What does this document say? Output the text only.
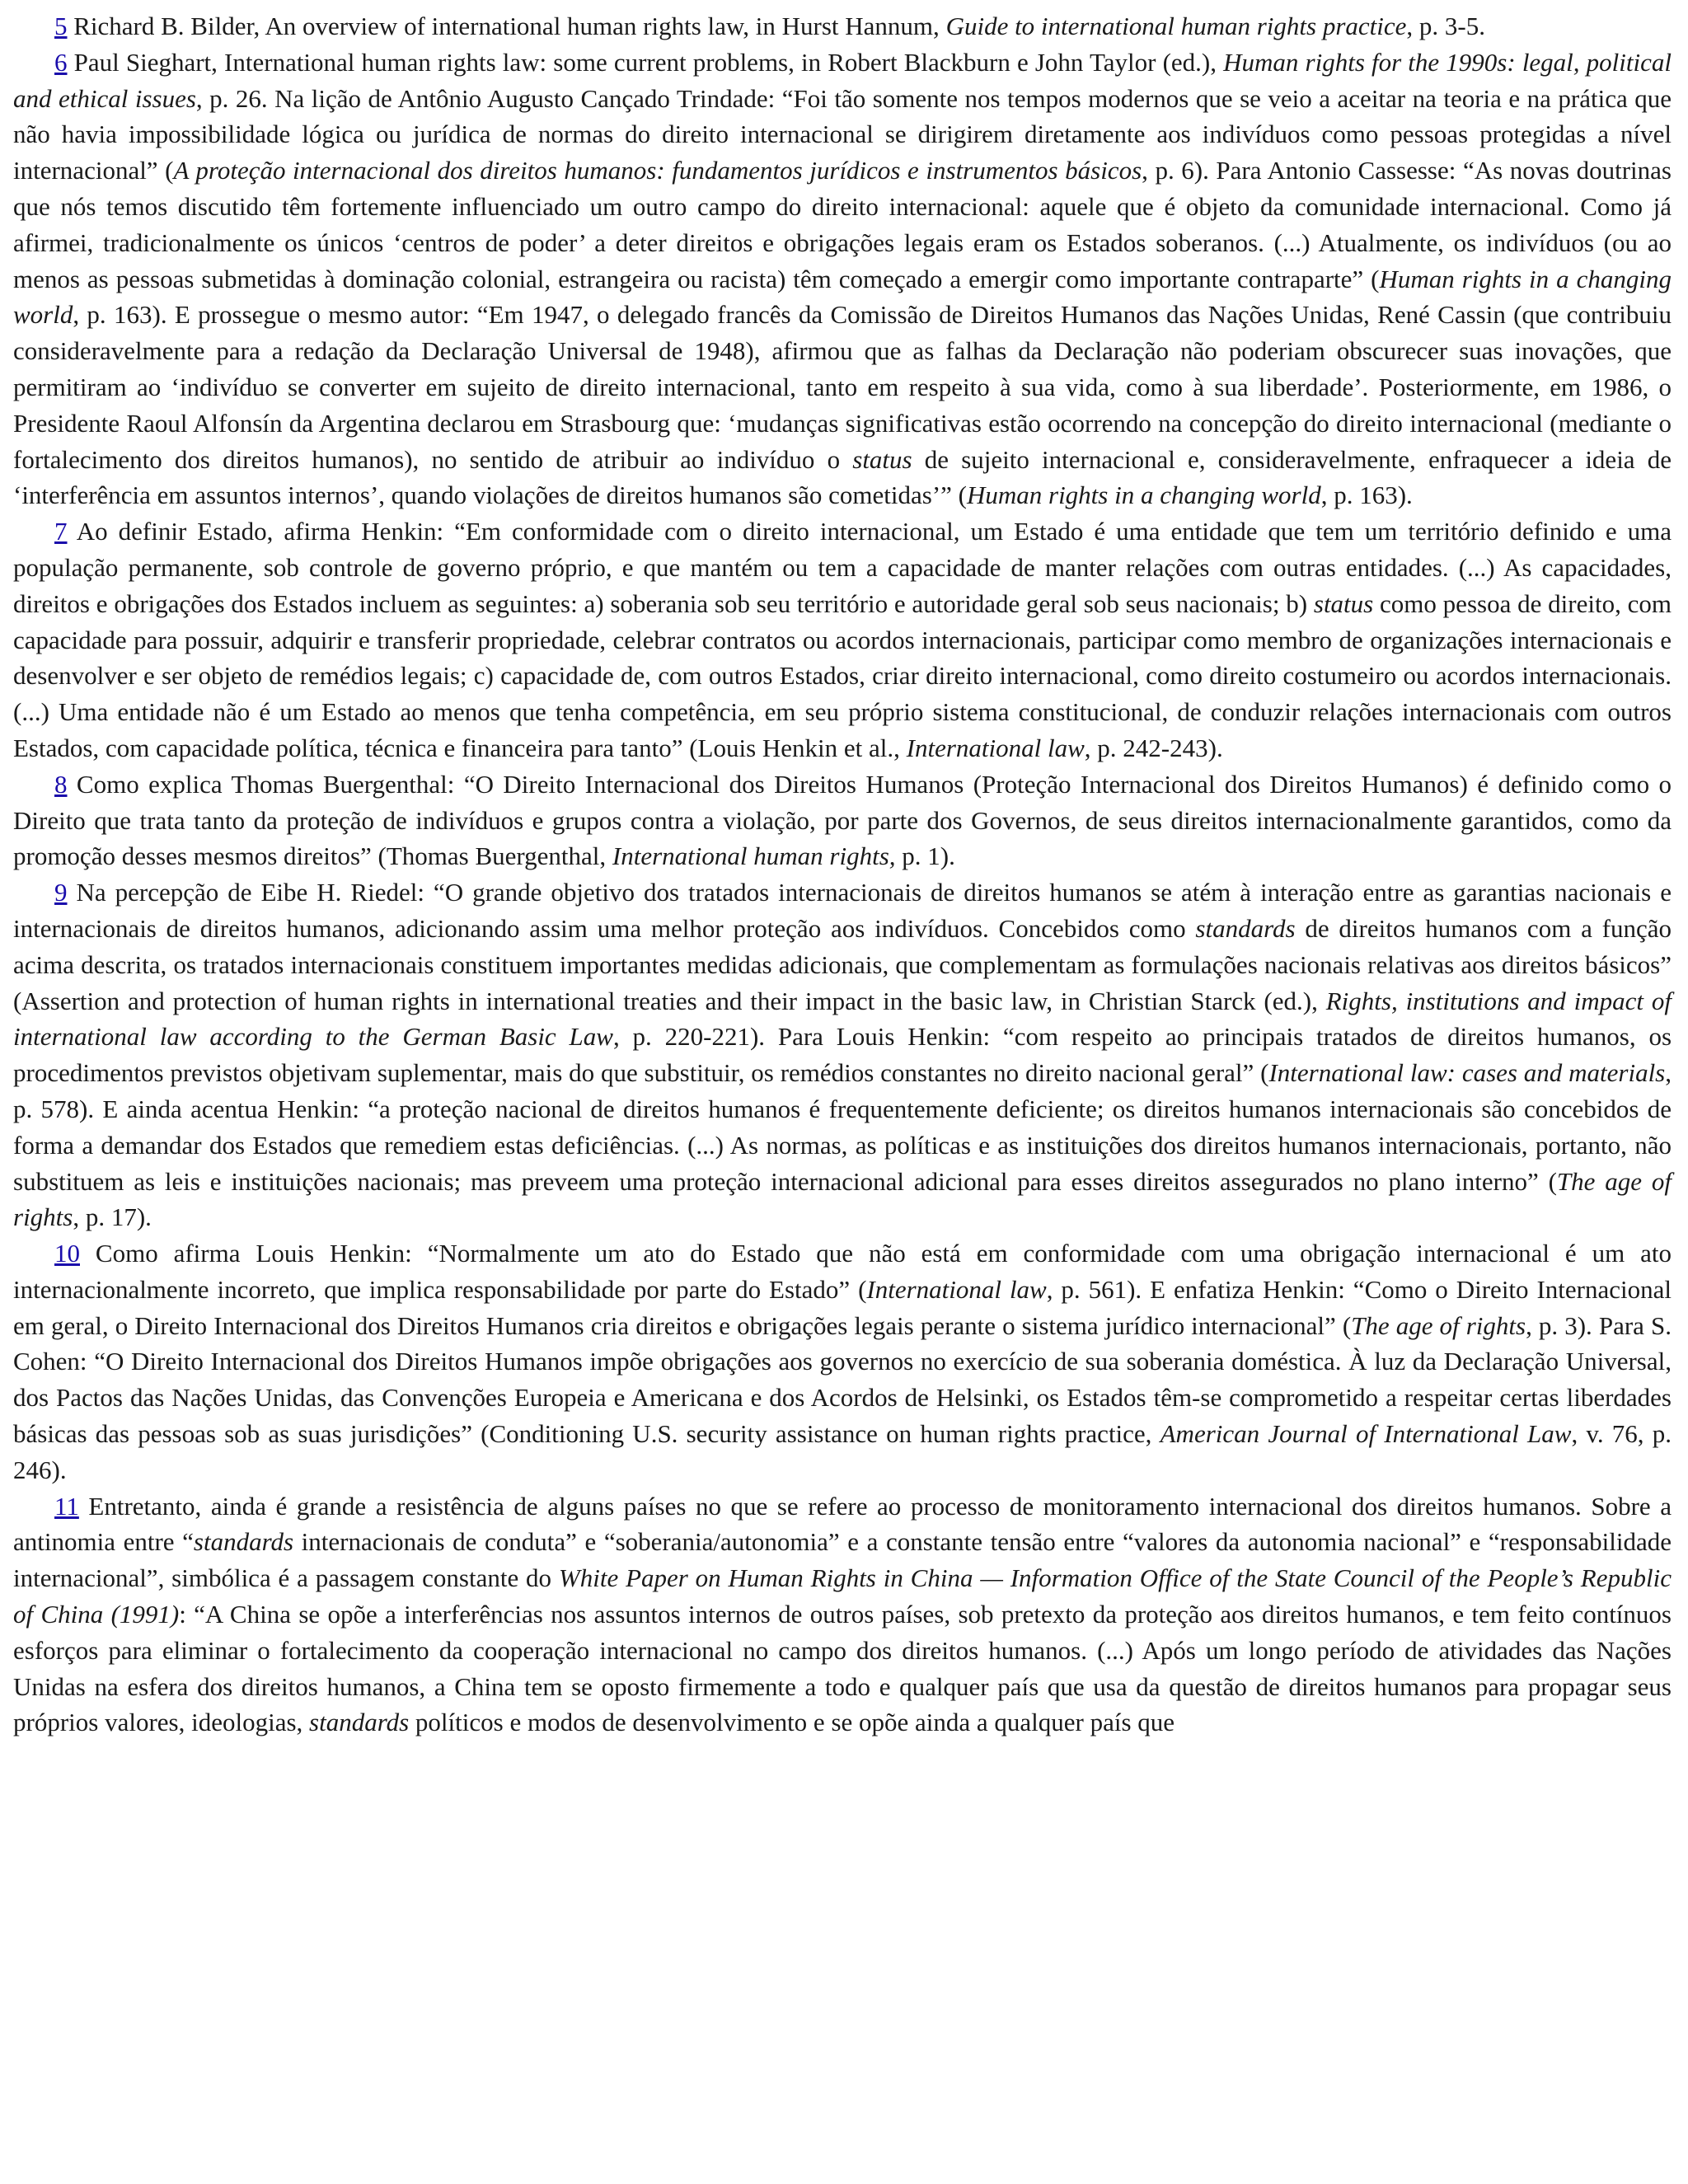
5 Richard B. Bilder, An overview of international human rights law, in Hurst Hannum, Guide to international human rights practice, p. 3-5.

6 Paul Sieghart, International human rights law: some current problems, in Robert Blackburn e John Taylor (ed.), Human rights for the 1990s: legal, political and ethical issues, p. 26. Na lição de Antônio Augusto Cançado Trindade: “Foi tão somente nos tempos modernos que se veio a aceitar na teoria e na prática que não havia impossibilidade lógica ou jurídica de normas do direito internacional se dirigirem diretamente aos indivíduos como pessoas protegidas a nível internacional” (A proteção internacional dos direitos humanos: fundamentos jurídicos e instrumentos básicos, p. 6). Para Antonio Cassesse: “As novas doutrinas que nós temos discutido têm fortemente influenciado um outro campo do direito internacional: aquele que é objeto da comunidade internacional. Como já afirmei, tradicionalmente os únicos ‘centros de poder’ a deter direitos e obrigações legais eram os Estados soberanos. (...) Atualmente, os indivíduos (ou ao menos as pessoas submetidas à dominação colonial, estrangeira ou racista) têm começado a emergir como importante contraparte” (Human rights in a changing world, p. 163). E prossegue o mesmo autor: “Em 1947, o delegado francês da Comissão de Direitos Humanos das Nações Unidas, René Cassin (que contribuiu consideravelmente para a redação da Declaração Universal de 1948), afirmou que as falhas da Declaração não poderiam obscurecer suas inovações, que permitiram ao ‘indivíduo se converter em sujeito de direito internacional, tanto em respeito à sua vida, como à sua liberdade’. Posteriormente, em 1986, o Presidente Raoul Alfonsín da Argentina declarou em Strasbourg que: ‘mudanças significativas estão ocorrendo na concepção do direito internacional (mediante o fortalecimento dos direitos humanos), no sentido de atribuir ao indivíduo o status de sujeito internacional e, consideravelmente, enfraquecer a ideia de ‘interferência em assuntos internos’, quando violações de direitos humanos são cometidas’” (Human rights in a changing world, p. 163).

7 Ao definir Estado, afirma Henkin: “Em conformidade com o direito internacional, um Estado é uma entidade que tem um território definido e uma população permanente, sob controle de governo próprio, e que mantém ou tem a capacidade de manter relações com outras entidades. (...) As capacidades, direitos e obrigações dos Estados incluem as seguintes: a) soberania sob seu território e autoridade geral sob seus nacionais; b) status como pessoa de direito, com capacidade para possuir, adquirir e transferir propriedade, celebrar contratos ou acordos internacionais, participar como membro de organizações internacionais e desenvolver e ser objeto de remédios legais; c) capacidade de, com outros Estados, criar direito internacional, como direito costumeiro ou acordos internacionais. (...) Uma entidade não é um Estado ao menos que tenha competência, em seu próprio sistema constitucional, de conduzir relações internacionais com outros Estados, com capacidade política, técnica e financeira para tanto” (Louis Henkin et al., International law, p. 242-243).

8 Como explica Thomas Buergenthal: “O Direito Internacional dos Direitos Humanos (Proteção Internacional dos Direitos Humanos) é definido como o Direito que trata tanto da proteção de indivíduos e grupos contra a violação, por parte dos Governos, de seus direitos internacionalmente garantidos, como da promoção desses mesmos direitos” (Thomas Buergenthal, International human rights, p. 1).

9 Na percepção de Eibe H. Riedel: “O grande objetivo dos tratados internacionais de direitos humanos se atém à interação entre as garantias nacionais e internacionais de direitos humanos, adicionando assim uma melhor proteção aos indivíduos. Concebidos como standards de direitos humanos com a função acima descrita, os tratados internacionais constituem importantes medidas adicionais, que complementam as formulações nacionais relativas aos direitos básicos” (Assertion and protection of human rights in international treaties and their impact in the basic law, in Christian Starck (ed.), Rights, institutions and impact of international law according to the German Basic Law, p. 220-221). Para Louis Henkin: “com respeito ao principais tratados de direitos humanos, os procedimentos previstos objetivam suplementar, mais do que substituir, os remédios constantes no direito nacional geral” (International law: cases and materials, p. 578). E ainda acentua Henkin: “a proteção nacional de direitos humanos é frequentemente deficiente; os direitos humanos internacionais são concebidos de forma a demandar dos Estados que remediem estas deficiências. (...) As normas, as políticas e as instituições dos direitos humanos internacionais, portanto, não substituem as leis e instituições nacionais; mas preveem uma proteção internacional adicional para esses direitos assegurados no plano interno” (The age of rights, p. 17).

10 Como afirma Louis Henkin: “Normalmente um ato do Estado que não está em conformidade com uma obrigação internacional é um ato internacionalmente incorreto, que implica responsabilidade por parte do Estado” (International law, p. 561). E enfatiza Henkin: “Como o Direito Internacional em geral, o Direito Internacional dos Direitos Humanos cria direitos e obrigações legais perante o sistema jurídico internacional” (The age of rights, p. 3). Para S. Cohen: “O Direito Internacional dos Direitos Humanos impõe obrigações aos governos no exercício de sua soberania doméstica. À luz da Declaração Universal, dos Pactos das Nações Unidas, das Convenções Europeia e Americana e dos Acordos de Helsinki, os Estados têm-se comprometido a respeitar certas liberdades básicas das pessoas sob as suas jurisdições” (Conditioning U.S. security assistance on human rights practice, American Journal of International Law, v. 76, p. 246).

11 Entretanto, ainda é grande a resistência de alguns países no que se refere ao processo de monitoramento internacional dos direitos humanos. Sobre a antinomia entre “standards internacionais de conduta” e “soberania/autonomia” e a constante tensão entre “valores da autonomia nacional” e “responsabilidade internacional”, simbólica é a passagem constante do White Paper on Human Rights in China — Information Office of the State Council of the People’s Republic of China (1991): “A China se opõe a interferências nos assuntos internos de outros países, sob pretexto da proteção aos direitos humanos, e tem feito contínuos esforços para eliminar o fortalecimento da cooperação internacional no campo dos direitos humanos. (...) Após um longo período de atividades das Nações Unidas na esfera dos direitos humanos, a China tem se oposto firmemente a todo e qualquer país que usa da questão de direitos humanos para propagar seus próprios valores, ideologias, standards políticos e modos de desenvolvimento e se opõe ainda a qualquer país que
